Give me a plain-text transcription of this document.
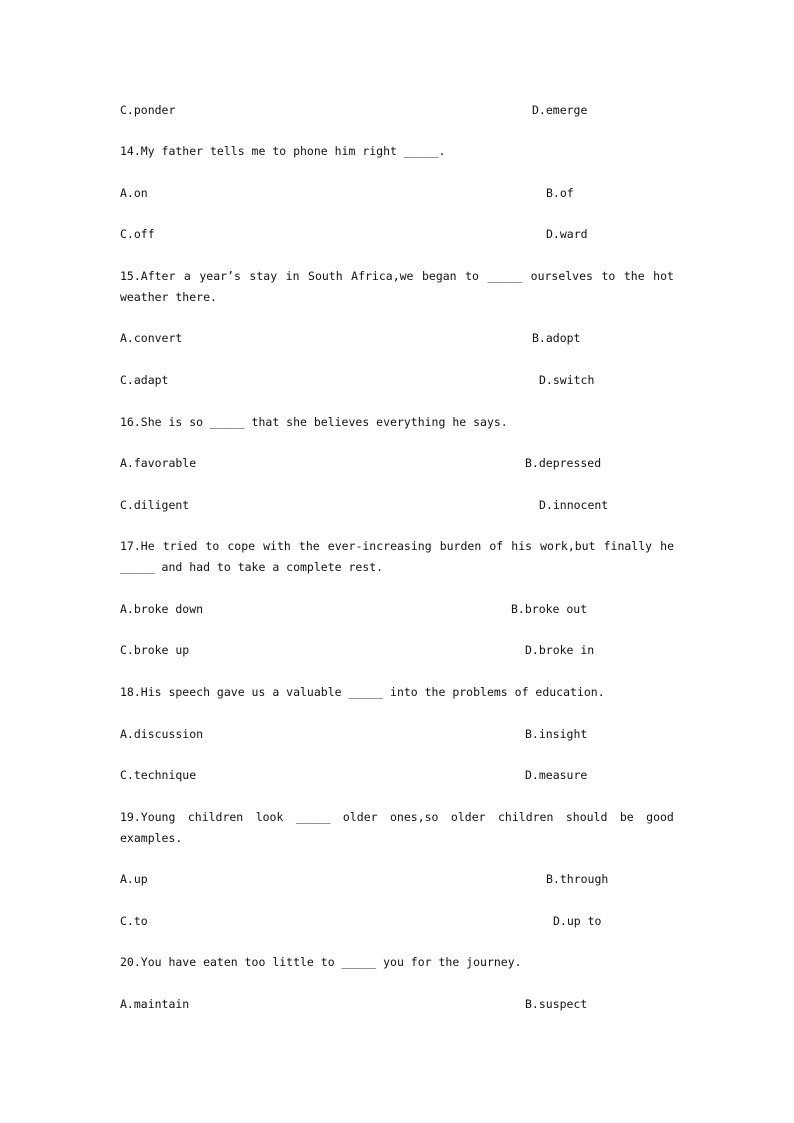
C.ponder	D.emerge
14.My father tells me to phone him right _____.
A.on	B.of
C.off	D.ward
15.After a year’s stay in South Africa,we began to _____ ourselves to the hot
weather there.
A.convert	B.adopt
C.adapt	D.switch
16.She is so _____ that she believes everything he says.
A.favorable	B.depressed
C.diligent	D.innocent
17.He tried to cope with the ever-increasing burden of his work,but finally he
_____ and had to take a complete rest.
A.broke down	B.broke out
C.broke up	D.broke in
18.His speech gave us a valuable _____ into the problems of education.
A.discussion	B.insight
C.technique	D.measure
19.Young children look _____ older ones,so older children should be good
examples.
A.up	B.through
C.to	D.up to
20.You have eaten too little to _____ you for the journey.
A.maintain	B.suspect
